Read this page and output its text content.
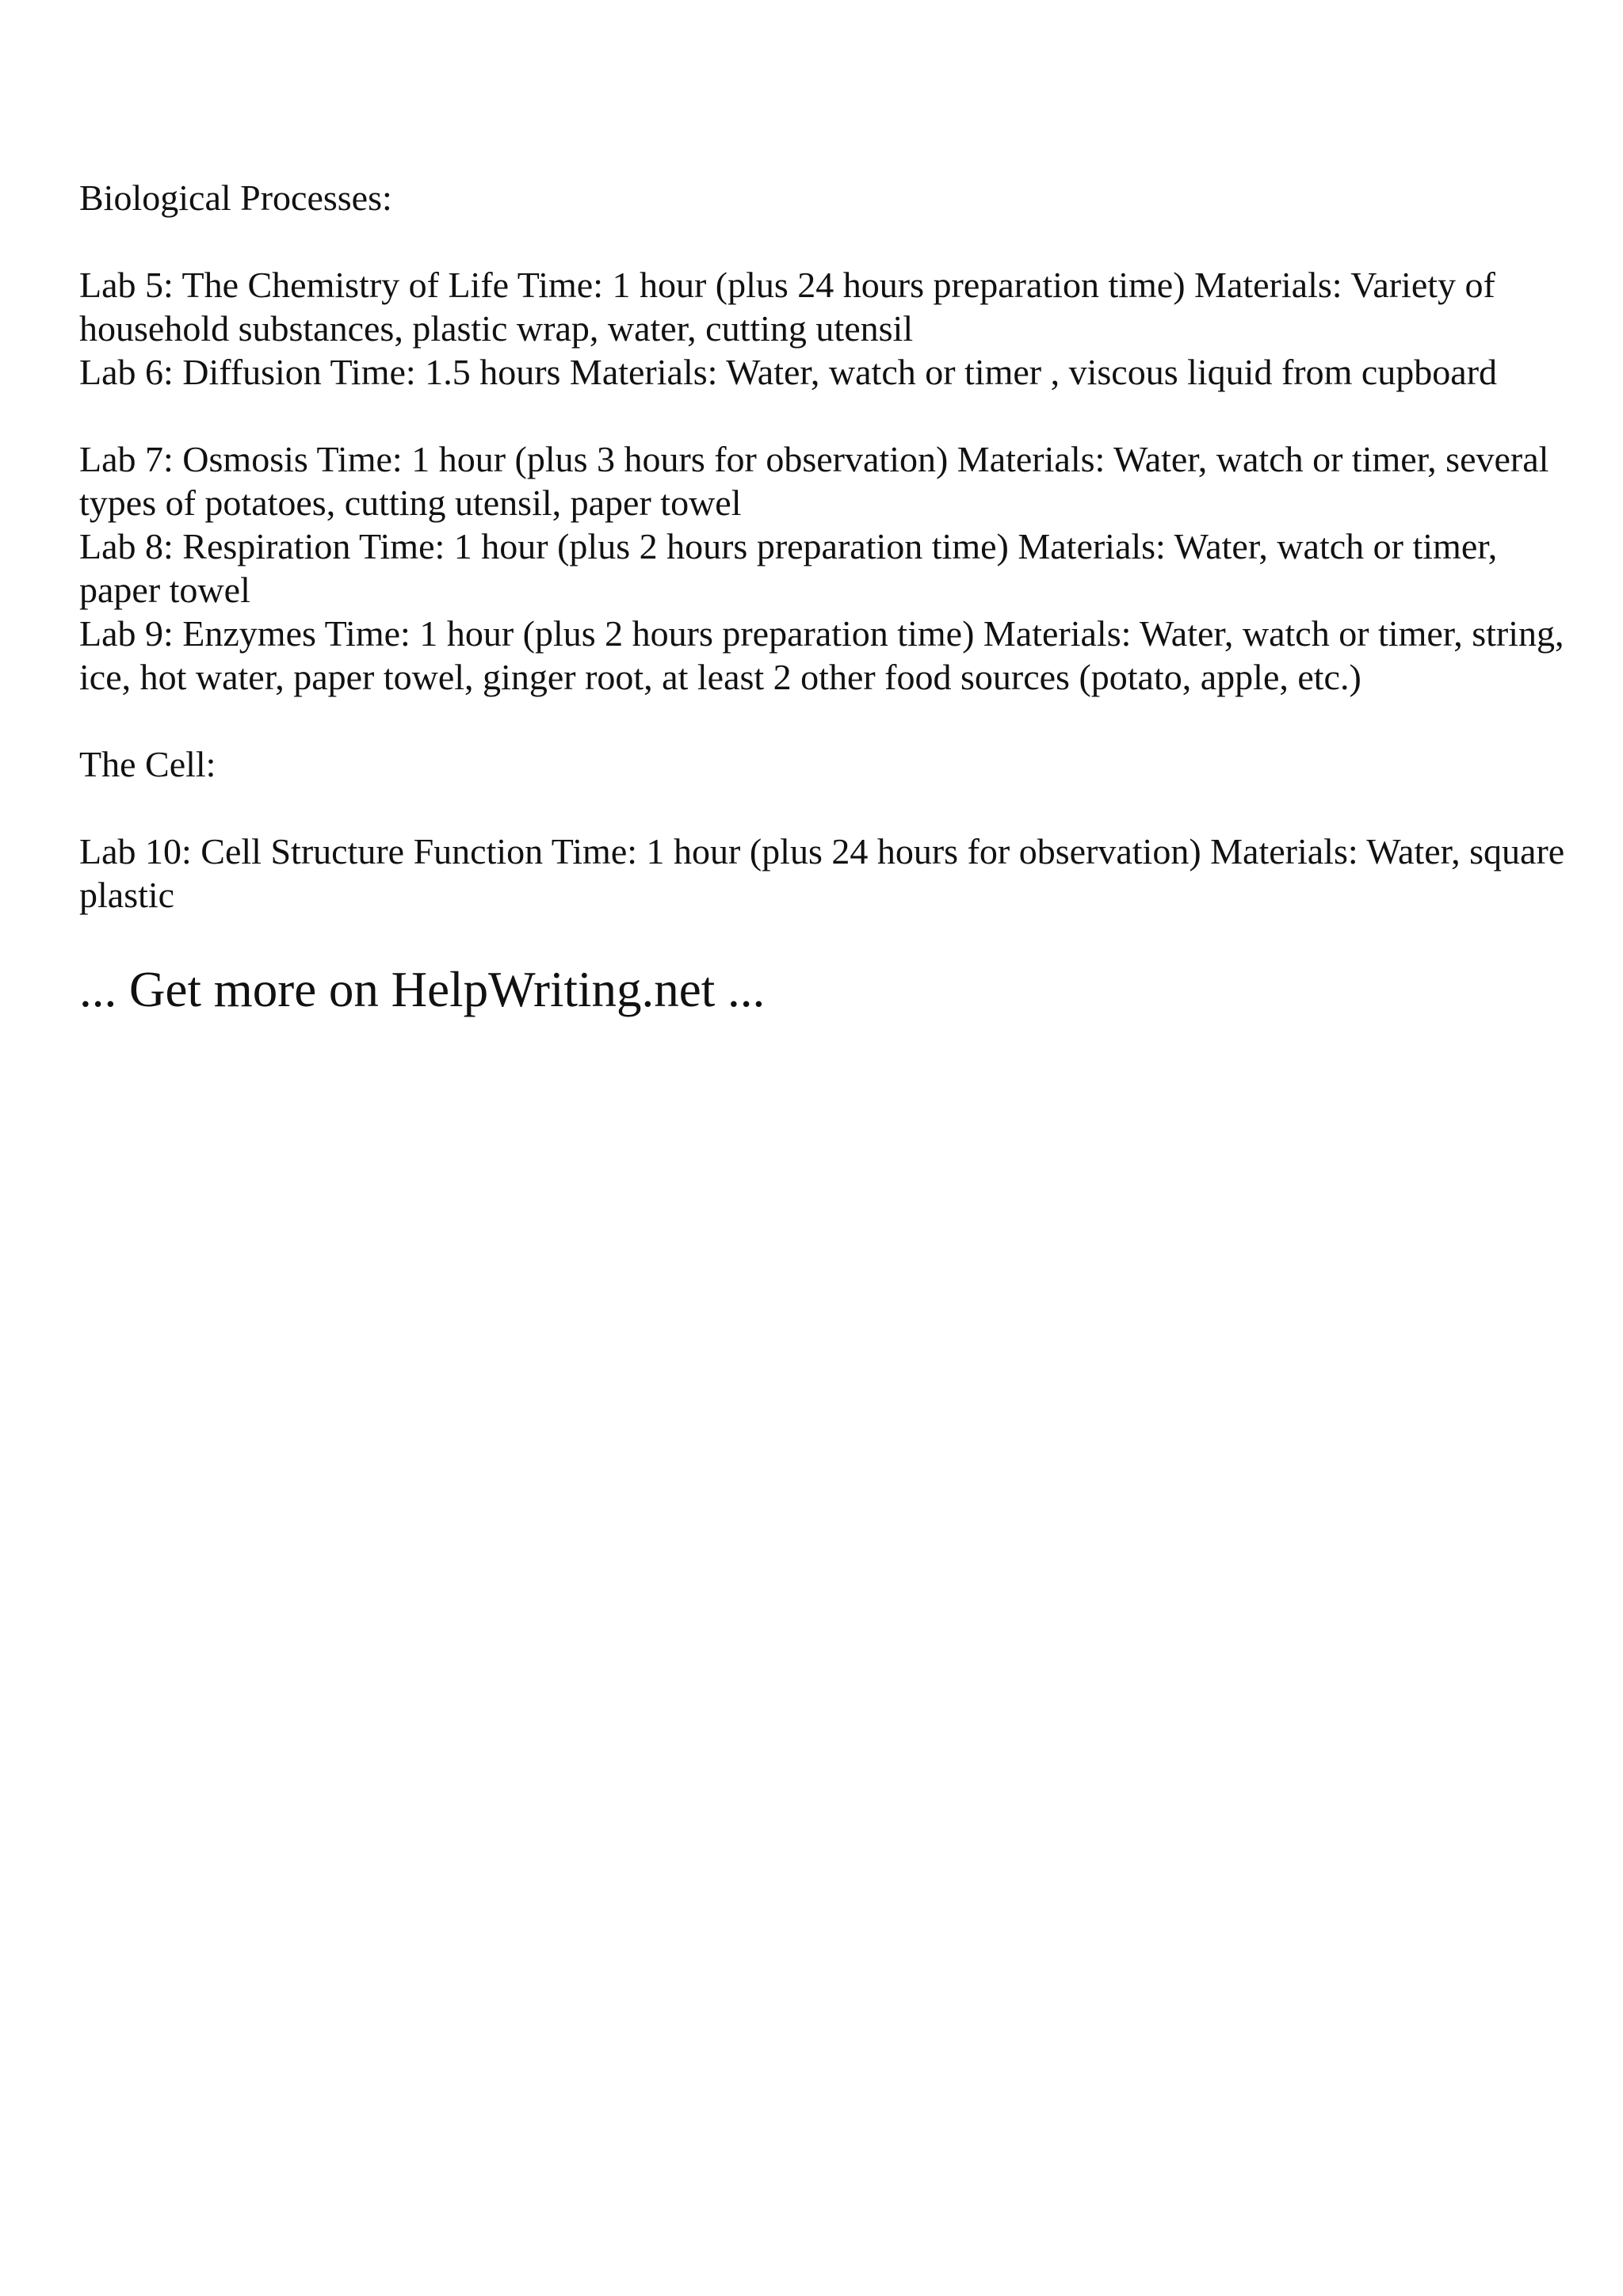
Biological Processes:

Lab 5: The Chemistry of Life Time: 1 hour (plus 24 hours preparation time) Materials: Variety of household substances, plastic wrap, water, cutting utensil

Lab 6: Diffusion Time: 1.5 hours Materials: Water, watch or timer , viscous liquid from cupboard

Lab 7: Osmosis Time: 1 hour (plus 3 hours for observation) Materials: Water, watch or timer, several types of potatoes, cutting utensil, paper towel

Lab 8: Respiration Time: 1 hour (plus 2 hours preparation time) Materials: Water, watch or timer, paper towel

Lab 9: Enzymes Time: 1 hour (plus 2 hours preparation time) Materials: Water, watch or timer, string, ice, hot water, paper towel, ginger root, at least 2 other food sources (potato, apple, etc.)

The Cell:

Lab 10: Cell Structure Function Time: 1 hour (plus 24 hours for observation) Materials: Water, square plastic

... Get more on HelpWriting.net ...
